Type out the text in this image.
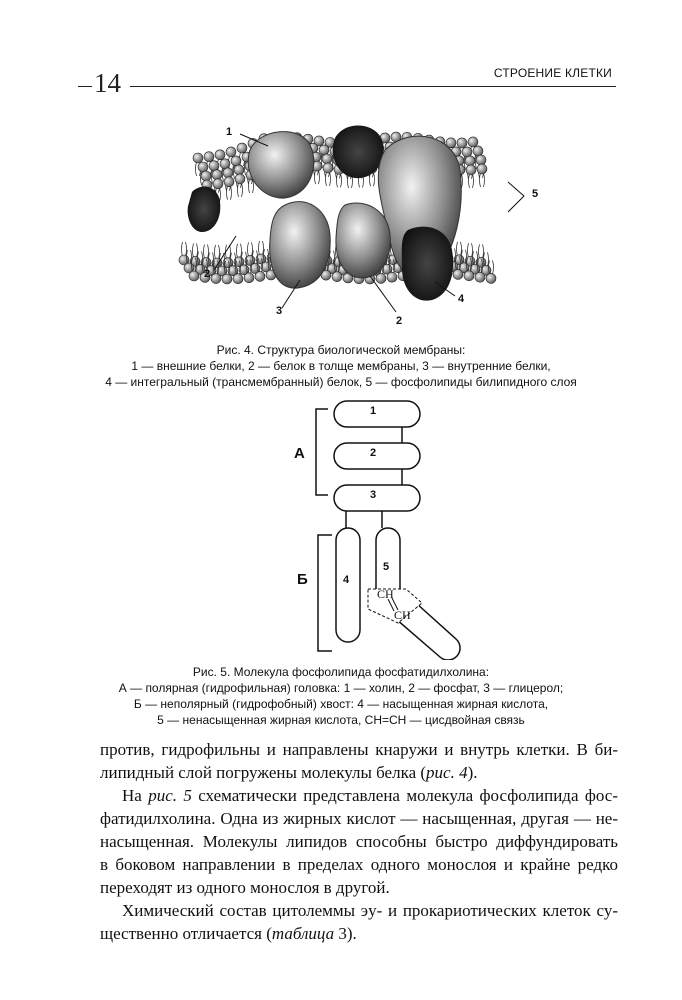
14	СТРОЕНИЕ КЛЕТКИ
1
2
3
2
4
5
Рис. 4. Структура биологической мембраны:
1 — внешние белки, 2 — белок в толще мембраны, 3 — внутренние белки,
4 — интегральный (трансмембранный) белок, 5 — фосфолипиды билипидного слоя
А
Б
1
2
3
4
5
CH
CH
Рис. 5. Молекула фосфолипида фосфатидилхолина:
А — полярная (гидрофильная) головка: 1 — холин, 2 — фосфат, 3 — глицерол;
Б — неполярный (гидрофобный) хвост: 4 — насыщенная жирная кислота,
5 — ненасыщенная жирная кислота, CH=CH — цисдвойная связь
против, гидрофильны и направлены кнаружи и внутрь клетки. В би-
липидный слой погружены молекулы белка (рис. 4).
На рис. 5 схематически представлена молекула фосфолипида фос-
фатидилхолина. Одна из жирных кислот — насыщенная, другая — не-
насыщенная. Молекулы липидов способны быстро диффундировать
в боковом направлении в пределах одного монослоя и крайне редко
переходят из одного монослоя в другой.
Химический состав цитолеммы эу- и прокариотических клеток су-
щественно отличается (таблица 3).
